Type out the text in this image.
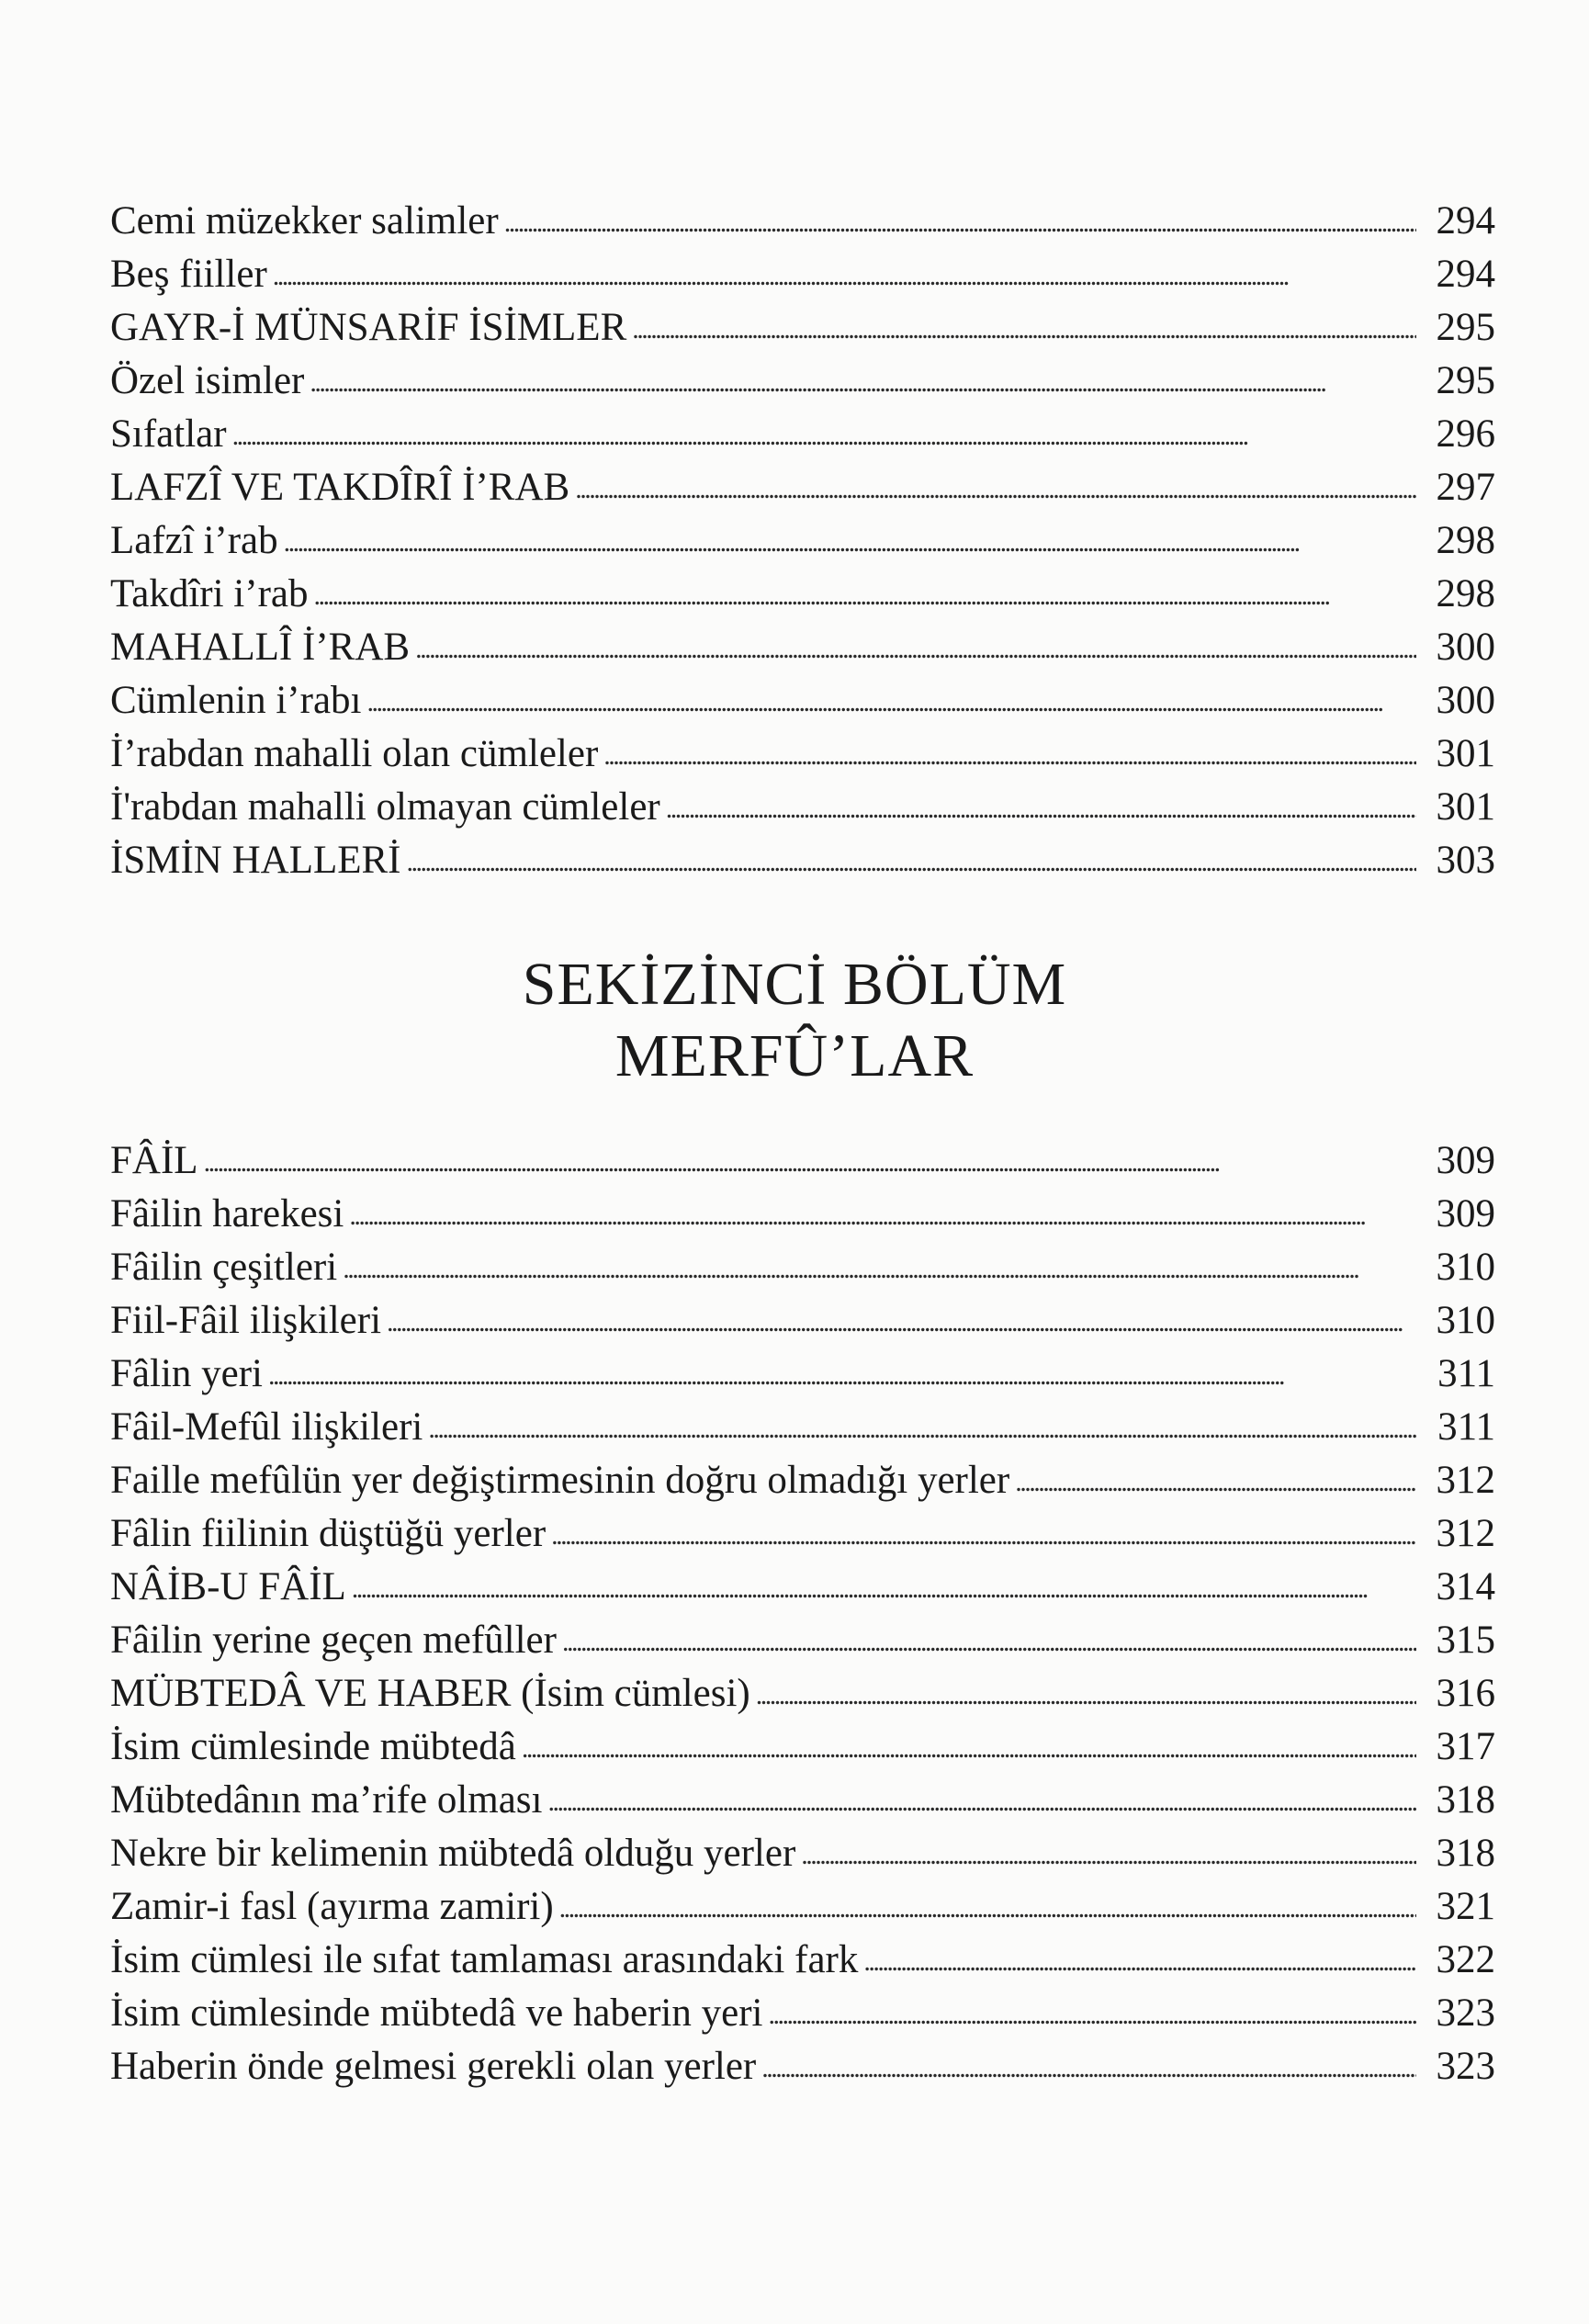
Cemi müzekker salimler . . .	294
Beş fiiller . . .	294
GAYR-İ MÜNSARİF İSİMLER . . .	295
Özel isimler . . .	295
Sıfatlar . . .	296
LAFZÎ VE TAKDÎRÎ İ’RAB . . .	297
Lafzî i’rab . . .	298
Takdîri i’rab . . .	298
MAHALLÎ İ’RAB . . .	300
Cümlenin i’rabı . . .	300
İ’rabdan mahalli olan cümleler . . .	301
İ'rabdan mahalli olmayan cümleler . . .	301
İSMİN HALLERİ . . .	303
SEKİZİNCİ BÖLÜM
MERFÛ’LAR
FÂİL . . .	309
Fâilin harekesi . . .	309
Fâilin çeşitleri . . .	310
Fiil-Fâil ilişkileri . . .	310
Fâlin yeri . . .	311
Fâil-Mefûl ilişkileri . . .	311
Faille mefûlün yer değiştirmesinin doğru olmadığı yerler . . .	312
Fâlin fiilinin düştüğü yerler . . .	312
NÂİB-U FÂİL . . .	314
Fâilin yerine geçen mefûller . . .	315
MÜBTEDÂ VE HABER (İsim cümlesi) . . .	316
İsim cümlesinde mübtedâ . . .	317
Mübtedânın ma’rife olması . . .	318
Nekre bir kelimenin mübtedâ olduğu yerler . . .	318
Zamir-i fasl (ayırma zamiri) . . .	321
İsim cümlesi ile sıfat tamlaması arasındaki fark . . .	322
İsim cümlesinde mübtedâ ve haberin yeri . . .	323
Haberin önde gelmesi gerekli olan yerler . . .	323
